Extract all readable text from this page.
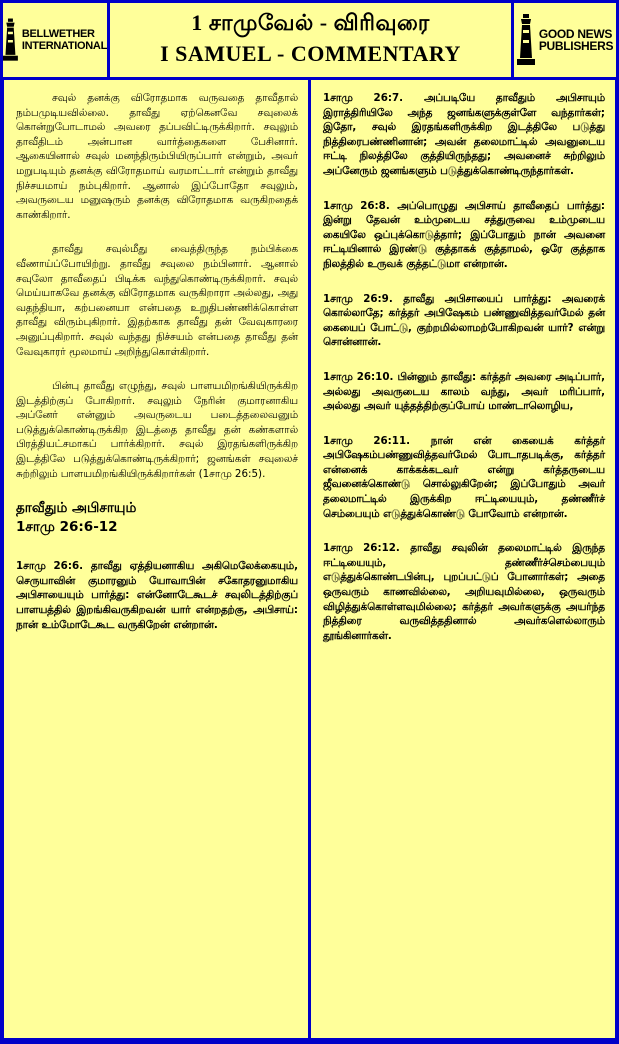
BELLWETHER
INTERNATIONAL
1 சாமுவேல் - விரிவுரை
I SAMUEL - COMMENTARY
GOOD NEWS
PUBLISHERS

சவுல் தனக்கு விரோதமாக வருவதை தாவீதால் நம்பமுடியவில்லை. தாவீது ஏற்கெனவே சவுலைக் கொன்றுபோடாமல் அவரை தப்பவிட்டிருக்கிறார். சவுலும் தாவீதிடம் அன்பான வார்த்தைகளை பேசினார். ஆகையினால் சவுல் மனந்திரும்பியிருப்பார் என்றும், அவர் மறுபடியும் தனக்கு விரோதமாய் வரமாட்டார் என்றும் தாவீது நிச்சயமாய் நம்புகிறார். ஆனால் இப்போதோ சவுலும், அவருடைய மனுஷரும் தனக்கு விரோதமாக வருகிறதைக் காண்கிறார்.

தாவீது சவுல்மீது வைத்திருந்த நம்பிக்கை வீணாய்ப்போயிற்று. தாவீது சவுலை நம்பினார். ஆனால் சவுலோ தாவீதைப் பிடிக்க வந்துகொண்டிருக்கிறார். சவுல் மெய்யாகவே தனக்கு விரோதமாக வருகிறாரா அல்லது, அது வதந்தியா, கற்பனையா என்பதை உறுதிபண்ணிக்கொள்ள தாவீது விரும்புகிறார். இதற்காக தாவீது தன் வேவுகாரரை அனுப்புகிறார். சவுல் வந்தது நிச்சயம் என்பதை தாவீது தன் வேவுகாரர் மூலமாய் அறிந்துகொள்கிறார்.

பின்பு தாவீது எழுந்து, சவுல் பாளயமிறங்கியிருக்கிற இடத்திற்குப் போகிறார். சவுலும் நேரின் குமாரனாகிய அப்னேர் என்னும் அவருடைய படைத்தலைவனும் படுத்துக்கொண்டிருக்கிற இடத்தை தாவீது தன் கண்களால் பிரத்தியட்சமாகப் பார்க்கிறார். சவுல் இரதங்களிருக்கிற இடத்திலே படுத்துக்கொண்டிருக்கிறார்; ஜனங்கள் சவுலைச் சுற்றிலும் பாளயமிறங்கியிருக்கிறார்கள் (1சாமு 26:5).

தாவீதும் அபிசாயும்
1சாமு 26:6-12

1சாமு 26:6. தாவீது ஏத்தியனாகிய அகிமெலேக்கையும், செருயாவின் குமாரனும் யோவாபின் சகோதரனுமாகிய அபிசாயையும் பார்த்து: என்னோடேகூடச் சவுலிடத்திற்குப் பாளயத்தில் இறங்கிவருகிறவன் யார் என்றதற்கு, அபிசாய்: நான் உம்மோடேகூட வருகிறேன் என்றான்.

1சாமு 26:7. அப்படியே தாவீதும் அபிசாயும் இராத்திரியிலே அந்த ஜனங்களுக்குள்ளே வந்தார்கள்; இதோ, சவுல் இரதங்களிருக்கிற இடத்திலே படுத்து நித்திரைபண்ணினான்; அவன் தலைமாட்டில் அவனுடைய ஈட்டி நிலத்திலே குத்தியிருந்தது; அவனைச் சுற்றிலும் அப்னேரும் ஜனங்களும் படுத்துக்கொண்டிருந்தார்கள்.

1சாமு 26:8. அப்பொழுது அபிசாய் தாவீதைப் பார்த்து: இன்று தேவன் உம்முடைய சத்துருவை உம்முடைய கையிலே ஒப்புக்கொடுத்தார்; இப்போதும் நான் அவனை ஈட்டியினால் இரண்டு குத்தாகக் குத்தாமல், ஒரே குத்தாக நிலத்தில் உருவக் குத்தட்டுமா என்றான்.

1சாமு 26:9. தாவீது அபிசாயைப் பார்த்து: அவரைக் கொல்லாதே; கர்த்தர் அபிஷேகம் பண்ணுவித்தவர்மேல் தன் கையைப் போட்டு, குற்றமில்லாமற்போகிறவன் யார்? என்று சொன்னான்.

1சாமு 26:10. பின்னும் தாவீது: கர்த்தர் அவரை அடிப்பார், அல்லது அவருடைய காலம் வந்து, அவர் மரிப்பார், அல்லது அவர் யுத்தத்திற்குப்போய் மாண்டாலொழிய,

1சாமு 26:11. நான் என் கையைக் கர்த்தர் அபிஷேகம்பண்ணுவித்தவர்மேல் போடாதபடிக்கு, கர்த்தர் என்னைக் காக்கக்கடவர் என்று கர்த்தருடைய ஜீவனைக்கொண்டு சொல்லுகிறேன்; இப்போதும் அவர் தலைமாட்டில் இருக்கிற ஈட்டியையும், தண்ணீர்ச் செம்பையும் எடுத்துக்கொண்டு போவோம் என்றான்.

1சாமு 26:12. தாவீது சவுலின் தலைமாட்டில் இருந்த ஈட்டியையும், தண்ணீர்ச்செம்பையும் எடுத்துக்கொண்டபின்பு, புறப்பட்டுப் போனார்கள்; அதை ஒருவரும் காணவில்லை, அறியவுமில்லை, ஒருவரும் விழித்துக்கொள்ளவுமில்லை; கர்த்தர் அவர்களுக்கு அயர்ந்த நித்திரை வருவித்ததினால் அவர்களெல்லாரும் தூங்கினார்கள்.
